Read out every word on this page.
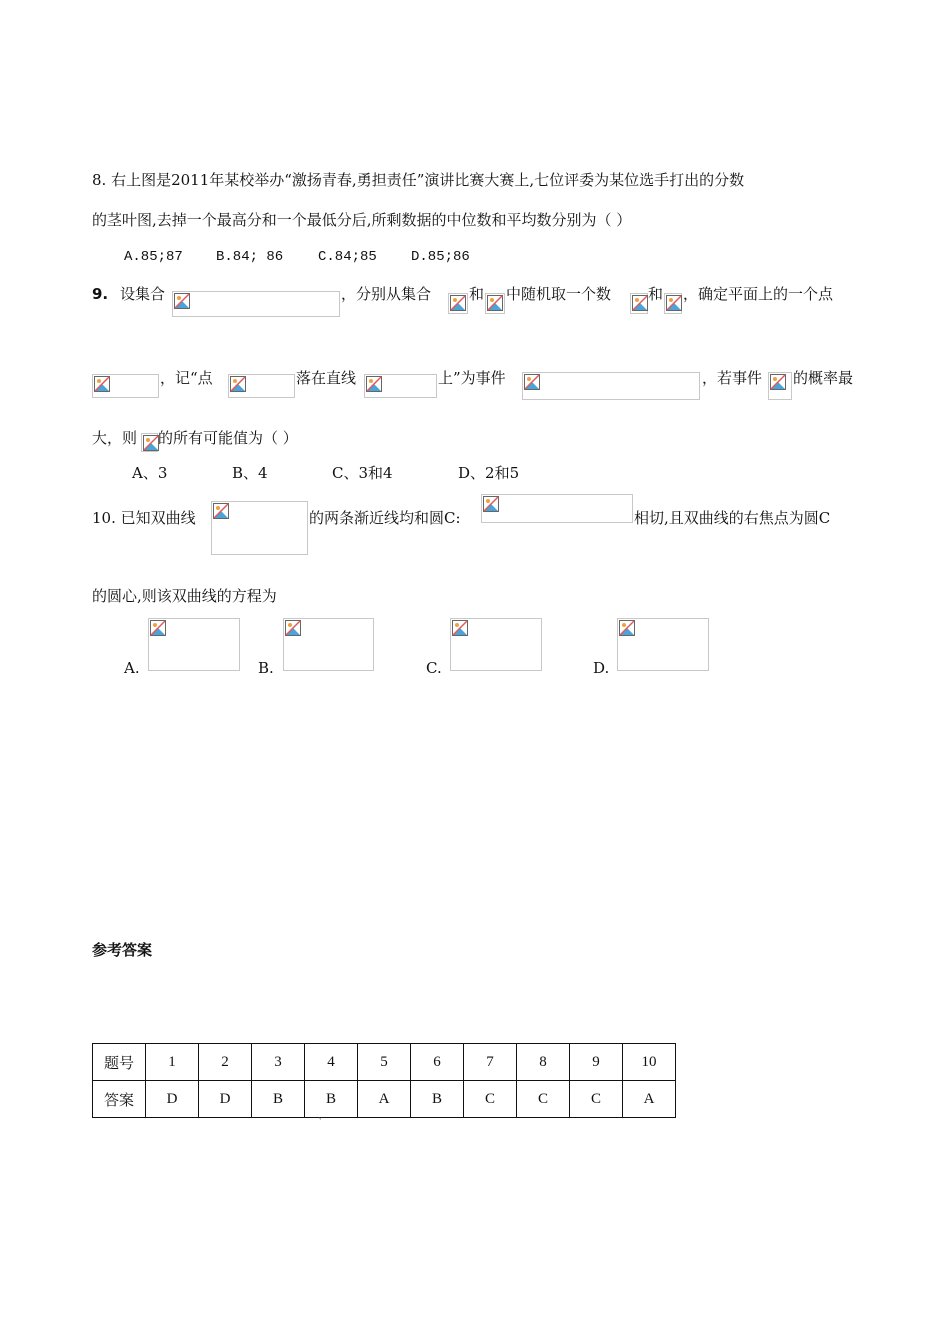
8. 右上图是2011年某校举办“激扬青春,勇担责任”演讲比赛大赛上,七位评委为某位选手打出的分数
的茎叶图,去掉一个最高分和一个最低分后,所剩数据的中位数和平均数分别为（ ）
A.85;87 B.84; 86 C.84;85 D.85;86
9. 设集合	，分别从集合	和 中随机取一个数 和 ，确定平面上的一个点
，记“点	落在直线	上”为事件	，若事件 的概率最
大，则 的所有可能值为（ ）
A、3	B、4	C、3和4	D、2和5
10. 已知双曲线	的两条渐近线均和圆C:	相切,且双曲线的右焦点为圆C
的圆心,则该双曲线的方程为
A.	B.	C.	D.
参考答案
题号	1	2	3	4	5	6	7	8	9	10
答案	D	D	B	B	A	B	C	C	C	A
`
